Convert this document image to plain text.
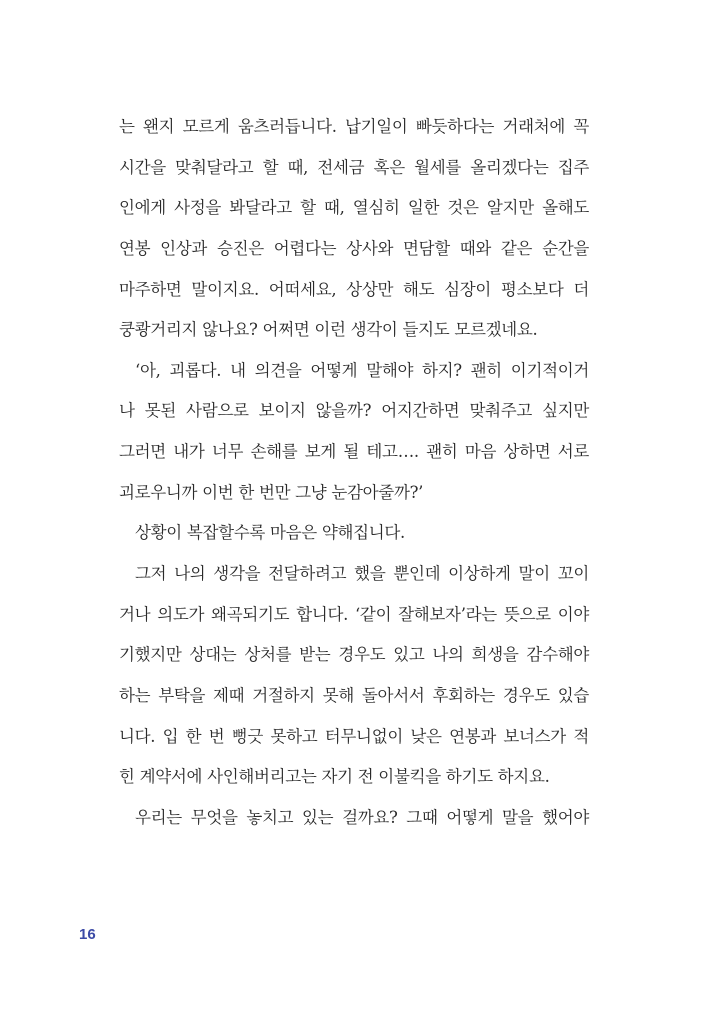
는 왠지 모르게 움츠러듭니다. 납기일이 빠듯하다는 거래처에 꼭
시간을 맞춰달라고 할 때, 전세금 혹은 월세를 올리겠다는 집주
인에게 사정을 봐달라고 할 때, 열심히 일한 것은 알지만 올해도
연봉 인상과 승진은 어렵다는 상사와 면담할 때와 같은 순간을
마주하면 말이지요. 어떠세요, 상상만 해도 심장이 평소보다 더
쿵쾅거리지 않나요? 어쩌면 이런 생각이 들지도 모르겠네요.
‘아, 괴롭다. 내 의견을 어떻게 말해야 하지? 괜히 이기적이거
나 못된 사람으로 보이지 않을까? 어지간하면 맞춰주고 싶지만
그러면 내가 너무 손해를 보게 될 테고…. 괜히 마음 상하면 서로
괴로우니까 이번 한 번만 그냥 눈감아줄까?’
상황이 복잡할수록 마음은 약해집니다.
그저 나의 생각을 전달하려고 했을 뿐인데 이상하게 말이 꼬이
거나 의도가 왜곡되기도 합니다. ‘같이 잘해보자’라는 뜻으로 이야
기했지만 상대는 상처를 받는 경우도 있고 나의 희생을 감수해야
하는 부탁을 제때 거절하지 못해 돌아서서 후회하는 경우도 있습
니다. 입 한 번 뻥긋 못하고 터무니없이 낮은 연봉과 보너스가 적
힌 계약서에 사인해버리고는 자기 전 이불킥을 하기도 하지요.
우리는 무엇을 놓치고 있는 걸까요? 그때 어떻게 말을 했어야
16
